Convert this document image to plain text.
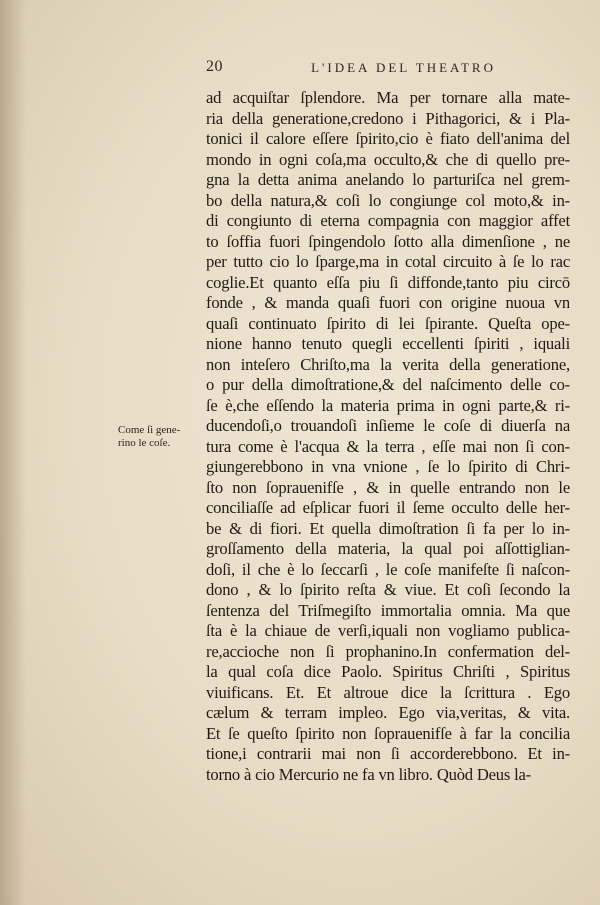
20	L'IDEA DEL THEATRO
Come ſi gene-
rino le coſe.
ad acquiſtar ſplendore. Ma per tornare alla mate-
ria della generatione,credono i Pithagorici, & i Pla-
tonici il calore eſſere ſpirito,cio è fiato dell'anima del
mondo in ogni coſa,ma occulto,& che di quello pre-
gna la detta anima anelando lo parturiſca nel grem-
bo della natura,& coſi lo congiunge col moto,& in-
di congiunto di eterna compagnia con maggior affet
to ſoffia fuori ſpingendolo ſotto alla dimenſione , ne
per tutto cio lo ſparge,ma in cotal circuito à ſe lo rac
coglie.Et quanto eſſa piu ſi diffonde,tanto piu circō
fonde , & manda quaſi fuori con origine nuoua vn
quaſi continuato ſpirito di lei ſpirante. Queſta ope-
nione hanno tenuto quegli eccellenti ſpiriti , iquali
non inteſero Chriſto,ma la verita della generatione,
o pur della dimoſtratione,& del naſcimento delle co-
ſe è,che eſſendo la materia prima in ogni parte,& ri-
ducendoſi,o trouandoſi inſieme le coſe di diuerſa na
tura come è l'acqua & la terra , eſſe mai non ſi con-
giungerebbono in vna vnione , ſe lo ſpirito di Chri-
ſto non ſoprauenifſe , & in quelle entrando non le
conciliaſſe ad eſplicar fuori il ſeme occulto delle her-
be & di fiori. Et quella dimoſtration ſi fa per lo in-
groſſamento della materia, la qual poi aſſottiglian-
doſi, il che è lo ſeccarſi , le coſe manifeſte ſi naſcon-
dono , & lo ſpirito reſta & viue. Et coſi ſecondo la
ſentenza del Triſmegiſto immortalia omnia. Ma que
ſta è la chiaue de verſi,iquali non vogliamo publica-
re,accioche non ſi prophanino.In confermation del-
la qual coſa dice Paolo. Spiritus Chriſti , Spiritus
viuificans. Et. Et altroue dice la ſcrittura . Ego
cælum & terram impleo. Ego via,veritas, & vita.
Et ſe queſto ſpirito non ſoprauenifſe à far la concilia
tione,i contrarii mai non ſi accorderebbono. Et in-
torno à cio Mercurio ne fa vn libro. Quòd Deus la-
